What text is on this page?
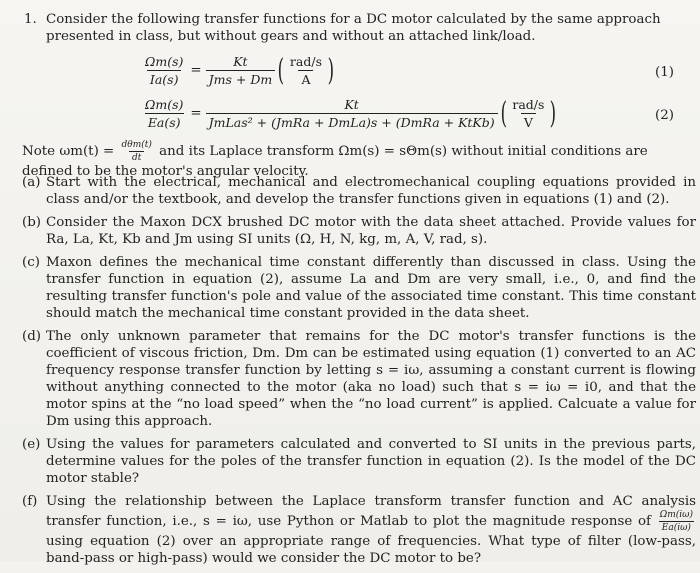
1. Consider the following transfer functions for a DC motor calculated by the same approach presented in class, but without gears and without an attached link/load.
$\frac{\Omega m(s)}{Ia(s)} = \frac{Kt}{\text{Jms + Dm}}$ ( $\frac{\text{rad/s}}{A}$ )	(1)
$\frac{\Omega m(s)}{Ea(s)} = \frac{Kt}{\text{JmLas² + (JmRa + DmLa)s + (DmRa + KtKb)}}$ ( $\frac{\text{rad/s}}{V}$ )	(2)
Note $\omega m(t) = \frac{\text{dθm(t)}}{dt}$ and its Laplace transform Ωm(s) = sΘm(s) without initial conditions are defined to be the motor's angular velocity.
(a) Start with the electrical, mechanical and electromechanical coupling equations provided in class and/or the textbook, and develop the transfer functions given in equations (1) and (2).
(b) Consider the Maxon DCX brushed DC motor with the data sheet attached. Provide values for Ra, La, Kt, Kb and Jm using SI units (Ω, H, N, kg, m, A, V, rad, s).
(c) Maxon defines the mechanical time constant differently than discussed in class. Using the transfer function in equation (2), assume La and Dm are very small, i.e., 0, and find the resulting transfer function's pole and value of the associated time constant. This time constant should match the mechanical time constant provided in the data sheet.
(d) The only unknown parameter that remains for the DC motor's transfer functions is the coefficient of viscous friction, Dm. Dm can be estimated using equation (1) converted to an AC frequency response transfer function by letting s = iω, assuming a constant current is flowing without anything connected to the motor (aka no load) such that s = iω = i0, and that the motor spins at the “no load speed” when the “no load current” is applied. Calcuate a value for Dm using this approach.
(e) Using the values for parameters calculated and converted to SI units in the previous parts, determine values for the poles of the transfer function in equation (2). Is the model of the DC motor stable?
(f) Using the relationship between the Laplace transform transfer function and AC analysis transfer function, i.e., s = iω, use Python or Matlab to plot the magnitude response of $\frac{\Omega m(i\omega)}{Ea(i\omega)}$
using equation (2) over an appropriate range of frequencies. What type of filter (low-pass, band-pass or high-pass) would we consider the DC motor to be?
